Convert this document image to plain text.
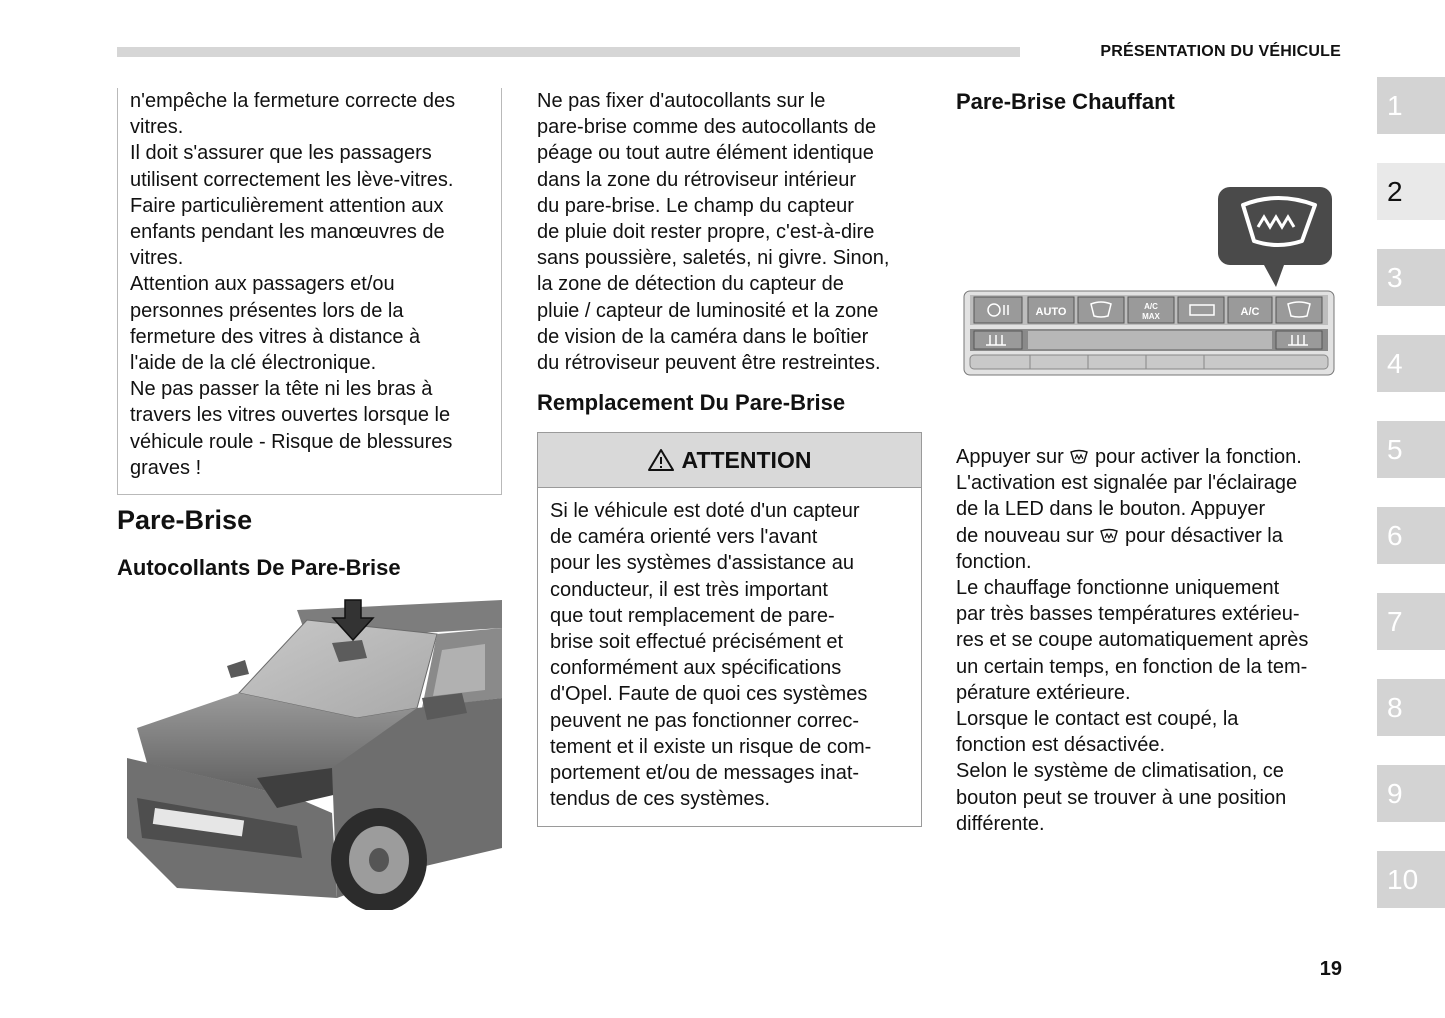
PRÉSENTATION DU VÉHICULE

n'empêche la fermeture correcte des

vitres.

Il doit s'assurer que les passagers

utilisent correctement les lève-vitres.

Faire particulièrement attention aux

enfants pendant les manœuvres de

vitres.

Attention aux passagers et/ou

personnes présentes lors de la

fermeture des vitres à distance à

l'aide de la clé électronique.

Ne pas passer la tête ni les bras à

travers les vitres ouvertes lorsque le

véhicule roule - Risque de blessures

graves !

Pare-Brise
Autocollants De Pare-Brise

Ne pas fixer d'autocollants sur le

pare-brise comme des autocollants de

péage ou tout autre élément identique

dans la zone du rétroviseur intérieur

du pare-brise. Le champ du capteur

de pluie doit rester propre, c'est-à-dire

sans poussière, saletés, ni givre. Sinon,

la zone de détection du capteur de

pluie / capteur de luminosité et la zone

de vision de la caméra dans le boîtier

du rétroviseur peuvent être restreintes.

Remplacement Du Pare-Brise
ATTENTION

Si le véhicule est doté d'un capteur

de caméra orienté vers l'avant

pour les systèmes d'assistance au

conducteur, il est très important

que tout remplacement de pare-

brise soit effectué précisément et

conformément aux spécifications

d'Opel. Faute de quoi ces systèmes

peuvent ne pas fonctionner correc-

tement et il existe un risque de com-

portement et/ou de messages inat-

tendus de ces systèmes.

Pare-Brise Chauffant
AUTO	A/C
MAX	A/C

Appuyer sur pour activer la fonction.

L'activation est signalée par l'éclairage

de la LED dans le bouton. Appuyer

de nouveau sur pour désactiver la

fonction.

Le chauffage fonctionne uniquement

par très basses températures extérieu-

res et se coupe automatiquement après

un certain temps, en fonction de la tem-

pérature extérieure.

Lorsque le contact est coupé, la

fonction est désactivée.

Selon le système de climatisation, ce

bouton peut se trouver à une position

différente.

1
2
3
4
5
6
7
8
9
10
19
